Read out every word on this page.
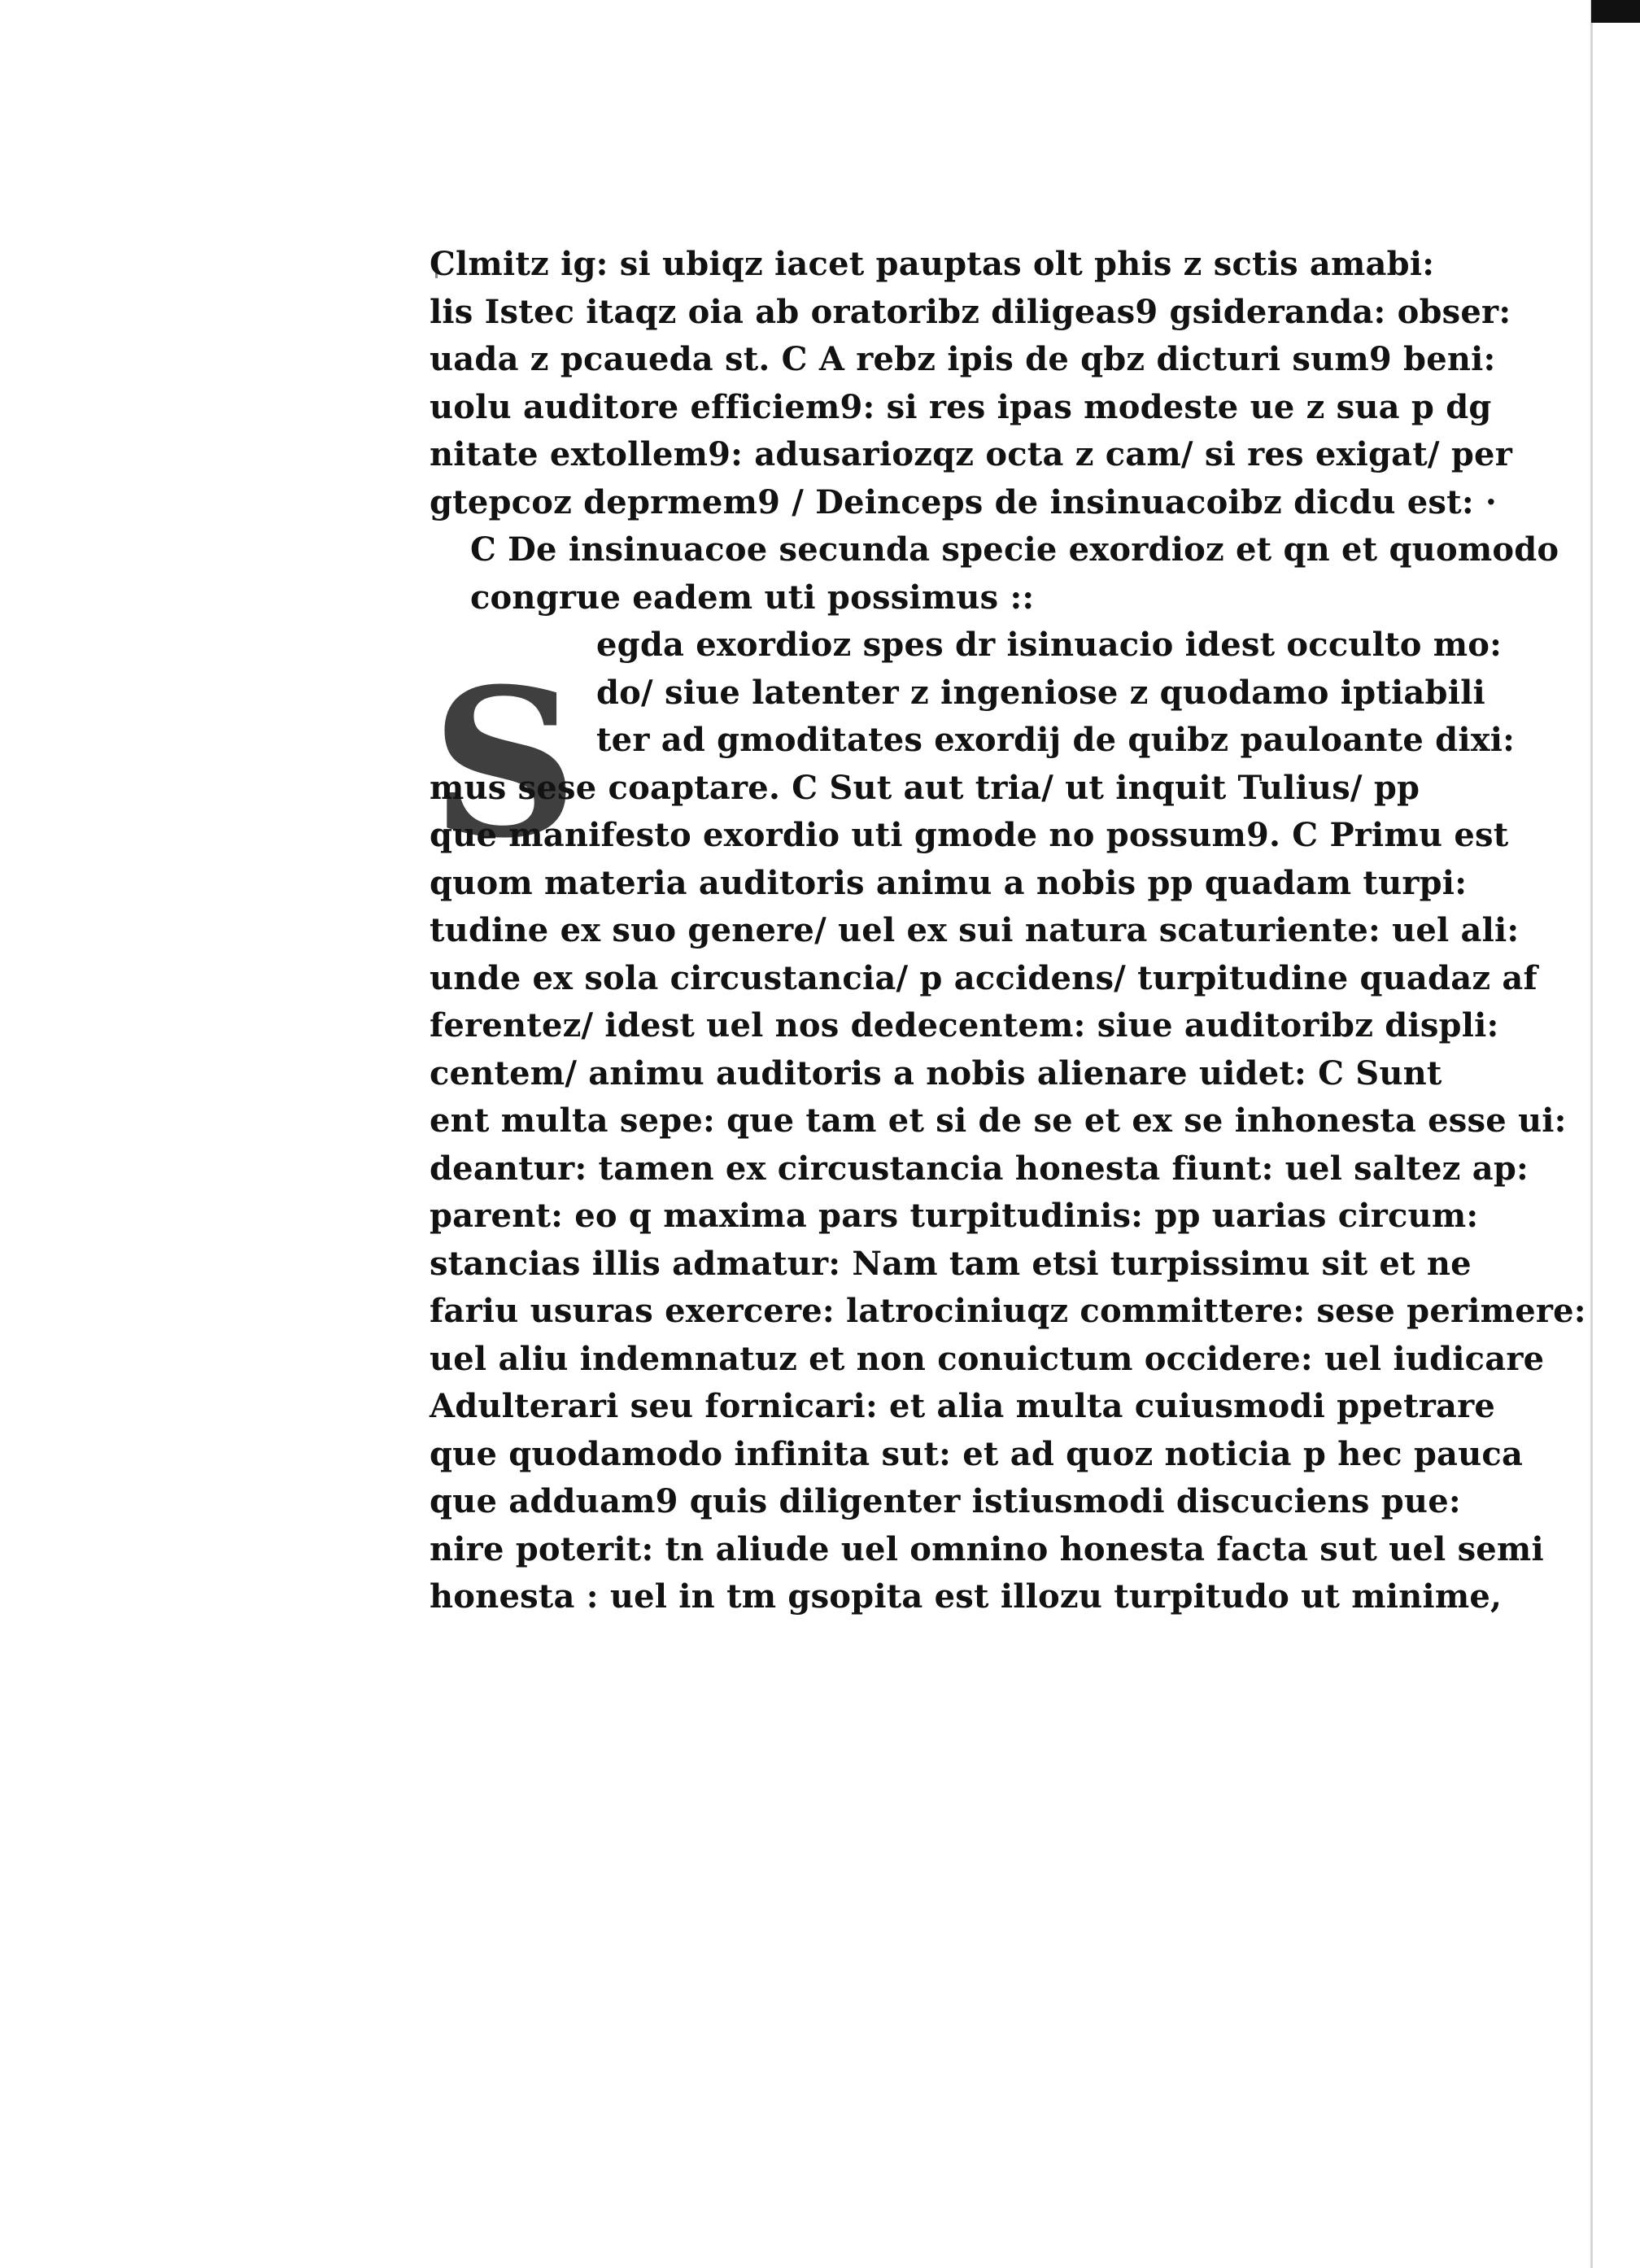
S
Clmitz ig: si ubiqz iacet pauptas olt phis z sctis amabi:
lis Istec itaqz oia ab oratoribz diligeas9 gsideranda: obser:
uada z pcaueda st. C A rebz ipis de qbz dicturi sum9 beni:
uolu auditore efficiem9: si res ipas modeste ue z sua p dg
nitate extollem9: adusariozqz octa z cam/ si res exigat/ per
gtepcoz deprmem9 / Deinceps de insinuacoibz dicdu est: ·
C De insinuacoe secunda specie exordioz et qn et quomodo
congrue eadem uti possimus ::
egda exordioz spes dr isinuacio idest occulto mo:
do/ siue latenter z ingeniose z quodamo iptiabili
ter ad gmoditates exordij de quibz pauloante dixi:
mus sese coaptare. C Sut aut tria/ ut inquit Tulius/ pp
que manifesto exordio uti gmode no possum9. C Primu est
quom materia auditoris animu a nobis pp quadam turpi:
tudine ex suo genere/ uel ex sui natura scaturiente: uel ali:
unde ex sola circustancia/ p accidens/ turpitudine quadaz af
ferentez/ idest uel nos dedecentem: siue auditoribz displi:
centem/ animu auditoris a nobis alienare uidet: C Sunt
ent multa sepe: que tam et si de se et ex se inhonesta esse ui:
deantur: tamen ex circustancia honesta fiunt: uel saltez ap:
parent: eo q maxima pars turpitudinis: pp uarias circum:
stancias illis admatur: Nam tam etsi turpissimu sit et ne
fariu usuras exercere: latrociniuqz committere: sese perimere:
uel aliu indemnatuz et non conuictum occidere: uel iudicare
Adulterari seu fornicari: et alia multa cuiusmodi ppetrare
que quodamodo infinita sut: et ad quoz noticia p hec pauca
que adduam9 quis diligenter istiusmodi discuciens pue:
nire poterit: tn aliude uel omnino honesta facta sut uel semi
honesta : uel in tm gsopita est illozu turpitudo ut minime,
